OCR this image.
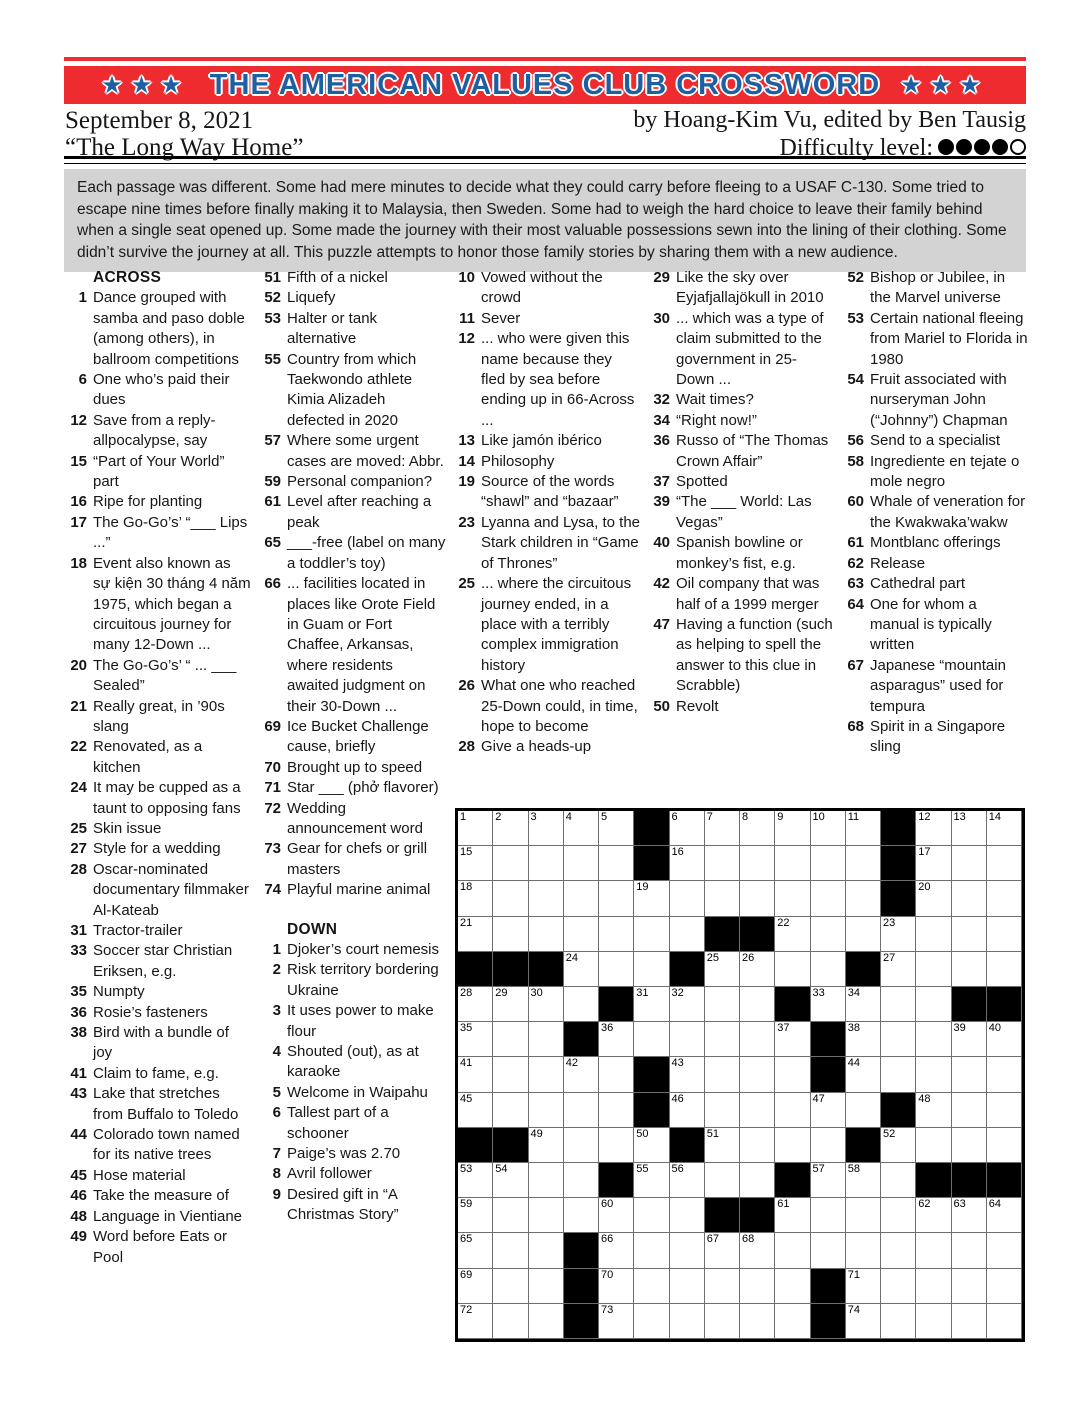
★★★ THE AMERICAN VALUES CLUB CROSSWORD ★★★
September 8, 2021
“The Long Way Home”
by Hoang-Kim Vu, edited by Ben Tausig
Difficulty level:
Each passage was different. Some had mere minutes to decide what they could carry before fleeing to a USAF C-130. Some tried to escape nine times before finally making it to Malaysia, then Sweden. Some had to weigh the hard choice to leave their family behind when a single seat opened up. Some made the journey with their most valuable possessions sewn into the lining of their clothing. Some didn’t survive the journey at all. This puzzle attempts to honor those family stories by sharing them with a new audience.
ACROSS
1 Dance grouped with samba and paso doble (among others), in ballroom competitions
6 One who’s paid their dues
12 Save from a reply-allpocalypse, say
15 “Part of Your World” part
16 Ripe for planting
17 The Go-Go’s’ “___ Lips ...”
18 Event also known as sự kiện 30 tháng 4 năm 1975, which began a circuitous journey for many 12-Down ...
20 The Go-Go’s’ “ ... ___ Sealed”
21 Really great, in ’90s slang
22 Renovated, as a kitchen
24 It may be cupped as a taunt to opposing fans
25 Skin issue
27 Style for a wedding
28 Oscar-nominated documentary filmmaker Al-Kateab
31 Tractor-trailer
33 Soccer star Christian Eriksen, e.g.
35 Numpty
36 Rosie’s fasteners
38 Bird with a bundle of joy
41 Claim to fame, e.g.
43 Lake that stretches from Buffalo to Toledo
44 Colorado town named for its native trees
45 Hose material
46 Take the measure of
48 Language in Vientiane
49 Word before Eats or Pool
51 Fifth of a nickel
52 Liquefy
53 Halter or tank alternative
55 Country from which Taekwondo athlete Kimia Alizadeh defected in 2020
57 Where some urgent cases are moved: Abbr.
59 Personal companion?
61 Level after reaching a peak
65 ___-free (label on many a toddler’s toy)
66 ... facilities located in places like Orote Field in Guam or Fort Chaffee, Arkansas, where residents awaited judgment on their 30-Down ...
69 Ice Bucket Challenge cause, briefly
70 Brought up to speed
71 Star ___ (phở flavorer)
72 Wedding announcement word
73 Gear for chefs or grill masters
74 Playful marine animal
DOWN
1 Djoker’s court nemesis
2 Risk territory bordering Ukraine
3 It uses power to make flour
4 Shouted (out), as at karaoke
5 Welcome in Waipahu
6 Tallest part of a schooner
7 Paige’s was 2.70
8 Avril follower
9 Desired gift in “A Christmas Story”
10 Vowed without the crowd
11 Sever
12 ... who were given this name because they fled by sea before ending up in 66-Across ...
13 Like jamón ibérico
14 Philosophy
19 Source of the words “shawl” and “bazaar”
23 Lyanna and Lysa, to the Stark children in “Game of Thrones”
25 ... where the circuitous journey ended, in a place with a terribly complex immigration history
26 What one who reached 25-Down could, in time, hope to become
28 Give a heads-up
29 Like the sky over Eyjafjallajökull in 2010
30 ... which was a type of claim submitted to the government in 25-Down ...
32 Wait times?
34 “Right now!”
36 Russo of “The Thomas Crown Affair”
37 Spotted
39 “The ___ World: Las Vegas”
40 Spanish bowline or monkey’s fist, e.g.
42 Oil company that was half of a 1999 merger
47 Having a function (such as helping to spell the answer to this clue in Scrabble)
50 Revolt
52 Bishop or Jubilee, in the Marvel universe
53 Certain national fleeing from Mariel to Florida in 1980
54 Fruit associated with nurseryman John (“Johnny”) Chapman
56 Send to a specialist
58 Ingrediente en tejate o mole negro
60 Whale of veneration for the Kwakwaka’wakw
61 Montblanc offerings
62 Release
63 Cathedral part
64 One for whom a manual is typically written
67 Japanese “mountain asparagus” used for tempura
68 Spirit in a Singapore sling
1	2	3	4	5	6	7	8	9	10 11	12 13 14
15	16	17
18	19	20
21	22	23
24	25 26	27
28 29 30	31 32	33 34
35	36	37	38	39 40
41	42	43	44
45	46	47	48
49	50	51	52
53 54	55 56	57 58
59	60	61	62 63 64
65	66	67 68
69	70	71
72	73	74
